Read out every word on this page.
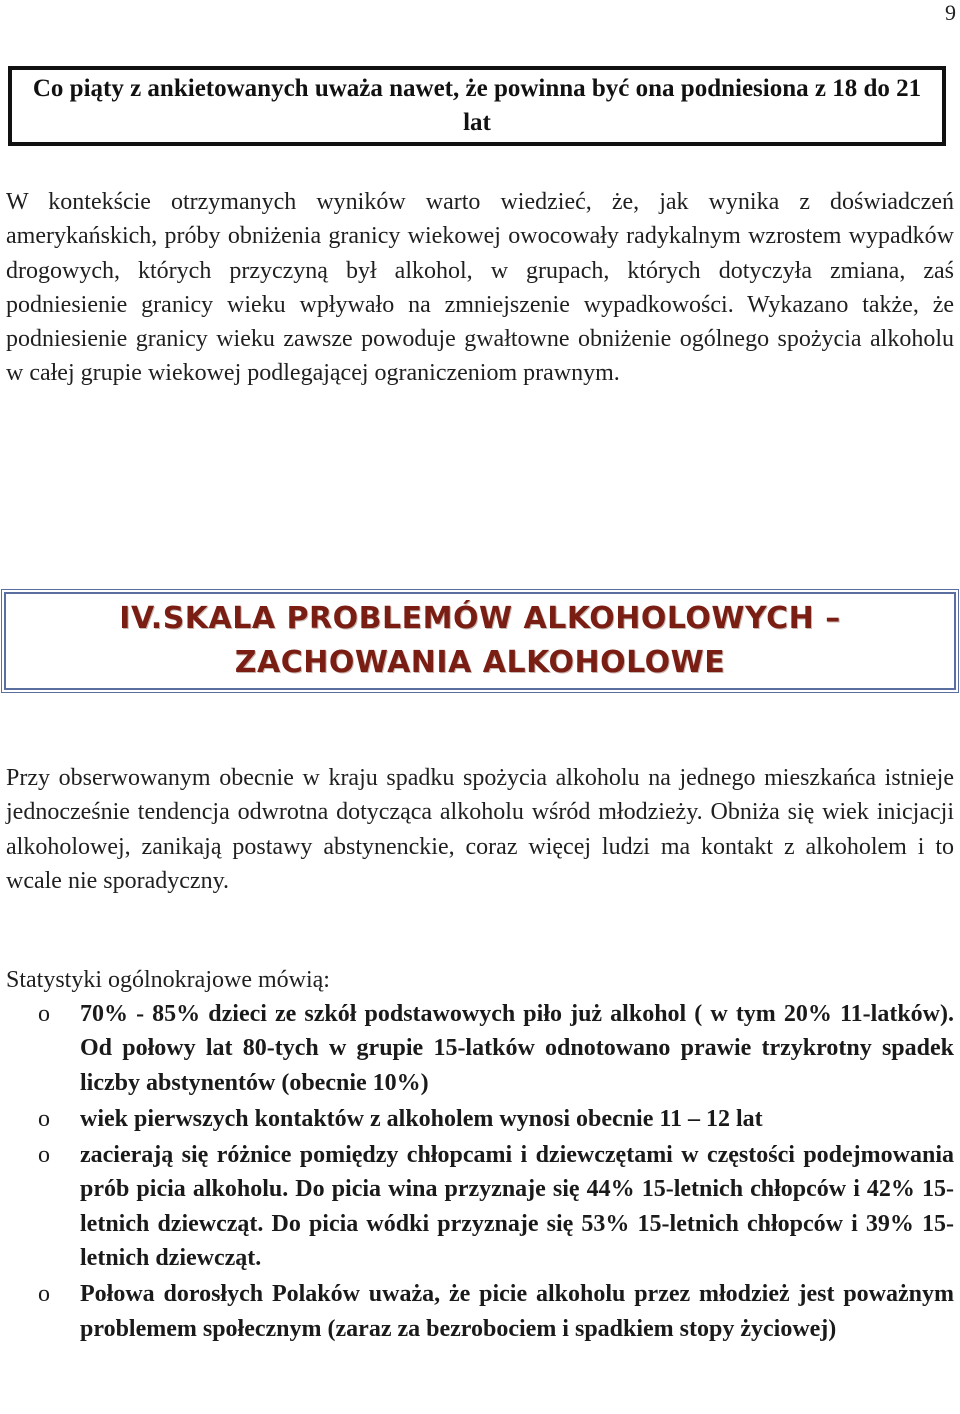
9
Co piąty z ankietowanych uważa nawet, że powinna być ona podniesiona z 18 do 21 lat

W kontekście otrzymanych wyników warto wiedzieć, że, jak wynika z doświadczeń amerykańskich, próby obniżenia granicy wiekowej owocowały radykalnym wzrostem wypadków drogowych, których przyczyną był alkohol, w grupach, których dotyczyła zmiana, zaś podniesienie granicy wieku wpływało na zmniejszenie wypadkowości. Wykazano także, że podniesienie granicy wieku zawsze powoduje gwałtowne obniżenie ogólnego spożycia alkoholu w całej grupie wiekowej podlegającej ograniczeniom prawnym.

IV.SKALA PROBLEMÓW ALKOHOLOWYCH – ZACHOWANIA ALKOHOLOWE

Przy obserwowanym obecnie w kraju spadku spożycia alkoholu na jednego mieszkańca istnieje jednocześnie tendencja odwrotna dotycząca alkoholu wśród młodzieży. Obniża się wiek inicjacji alkoholowej, zanikają postawy abstynenckie, coraz więcej ludzi ma kontakt z alkoholem i to wcale nie sporadyczny.

Statystyki ogólnokrajowe mówią:
o 70% - 85% dzieci ze szkół podstawowych piło już alkohol ( w tym 20% 11-latków). Od połowy lat 80-tych w grupie 15-latków odnotowano prawie trzykrotny spadek liczby abstynentów (obecnie 10%)
o wiek pierwszych kontaktów z alkoholem wynosi obecnie 11 – 12 lat
o zacierają się różnice pomiędzy chłopcami i dziewczętami w częstości podejmowania prób picia alkoholu. Do picia wina przyznaje się 44% 15-letnich chłopców i 42% 15-letnich dziewcząt. Do picia wódki przyznaje się 53% 15-letnich chłopców i 39% 15-letnich dziewcząt.
o Połowa dorosłych Polaków uważa, że picie alkoholu przez młodzież jest poważnym problemem społecznym (zaraz za bezrobociem i spadkiem stopy życiowej)
